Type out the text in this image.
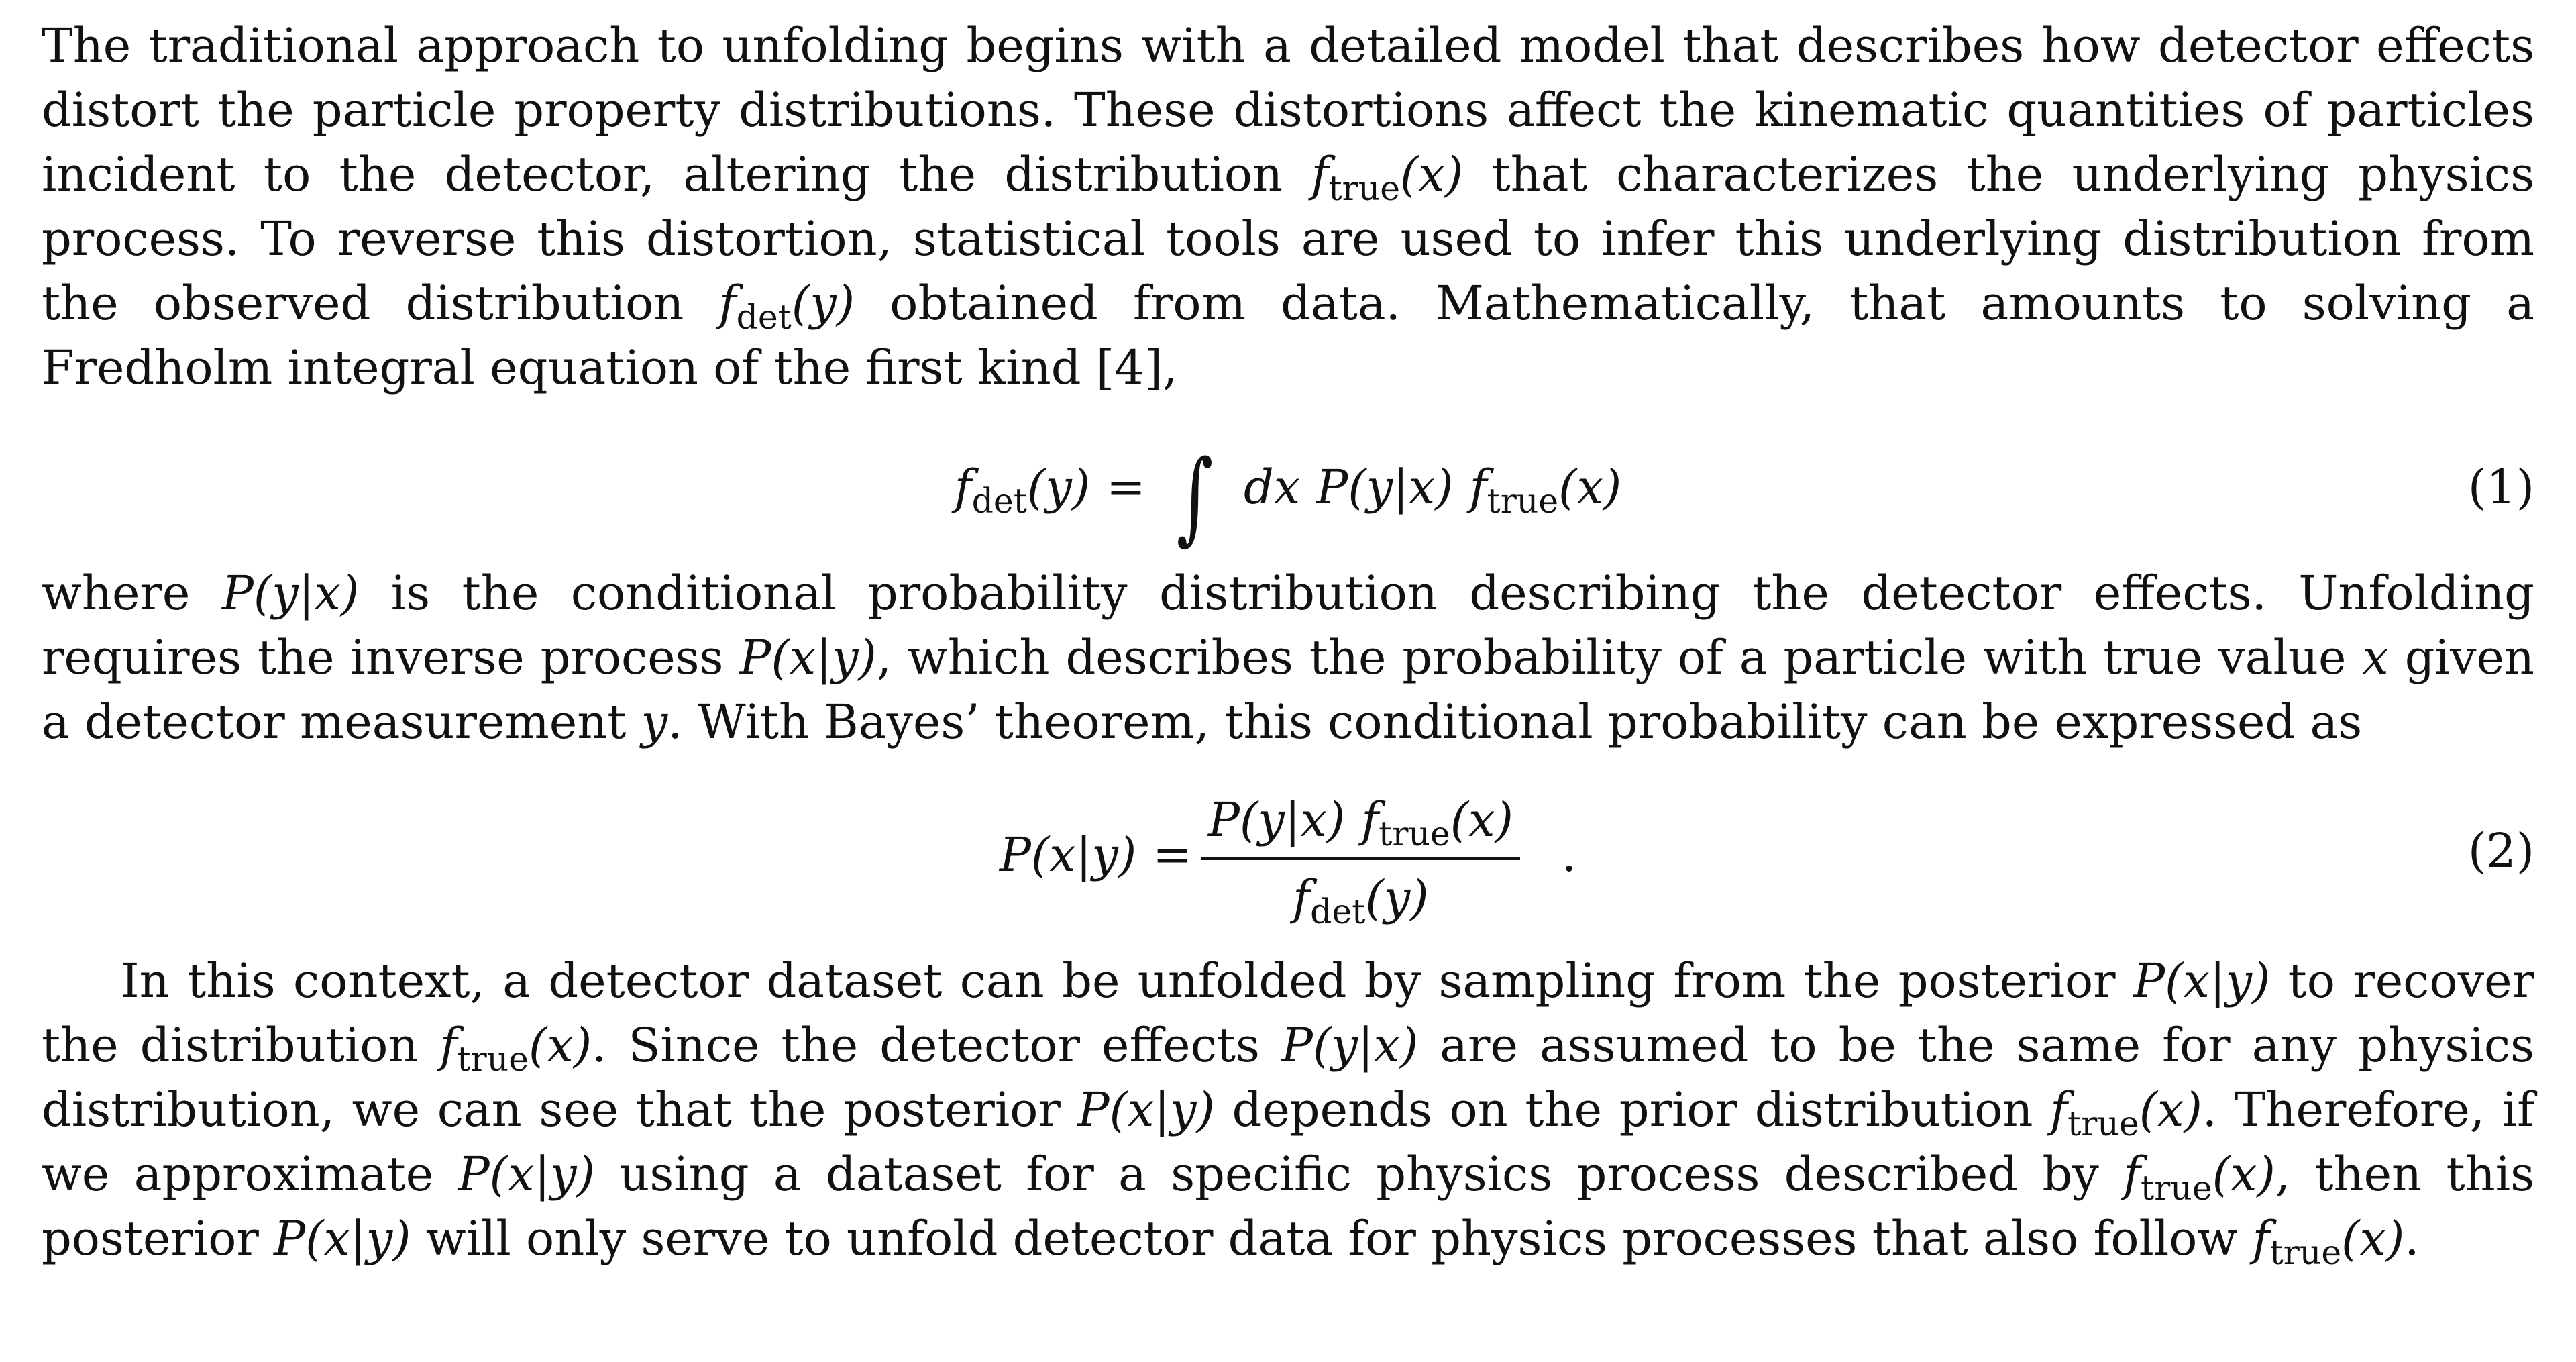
The traditional approach to unfolding begins with a detailed model that describes how detector effects distort the particle property distributions. These distortions affect the kinematic quantities of particles incident to the detector, altering the distribution $f_{true}(x)$ that characterizes the underlying physics process. To reverse this distortion, statistical tools are used to infer this underlying distribution from the observed distribution $f_{det}(y)$ obtained from data. Mathematically, that amounts to solving a Fredholm integral equation of the first kind [4],

$f_{det}(y)$ = ∫ dx P(y|x) $f_{true}(x)$	(1)

where P(y|x) is the conditional probability distribution describing the detector effects. Unfolding requires the inverse process P(x|y), which describes the probability of a particle with true value x given a detector measurement y. With Bayes’ theorem, this conditional probability can be expressed as

$P(x|y) = \frac{P(y|x) f_{true}(x)}{f_{det}(y)}$ .	(2)

In this context, a detector dataset can be unfolded by sampling from the posterior P(x|y) to recover the distribution $f_{true}(x)$. Since the detector effects P(y|x) are assumed to be the same for any physics distribution, we can see that the posterior P(x|y) depends on the prior distribution $f_{true}(x)$. Therefore, if we approximate P(x|y) using a dataset for a specific physics process described by $f_{true}(x)$, then this posterior P(x|y) will only serve to unfold detector data for physics processes that also follow $f_{true}(x)$.
